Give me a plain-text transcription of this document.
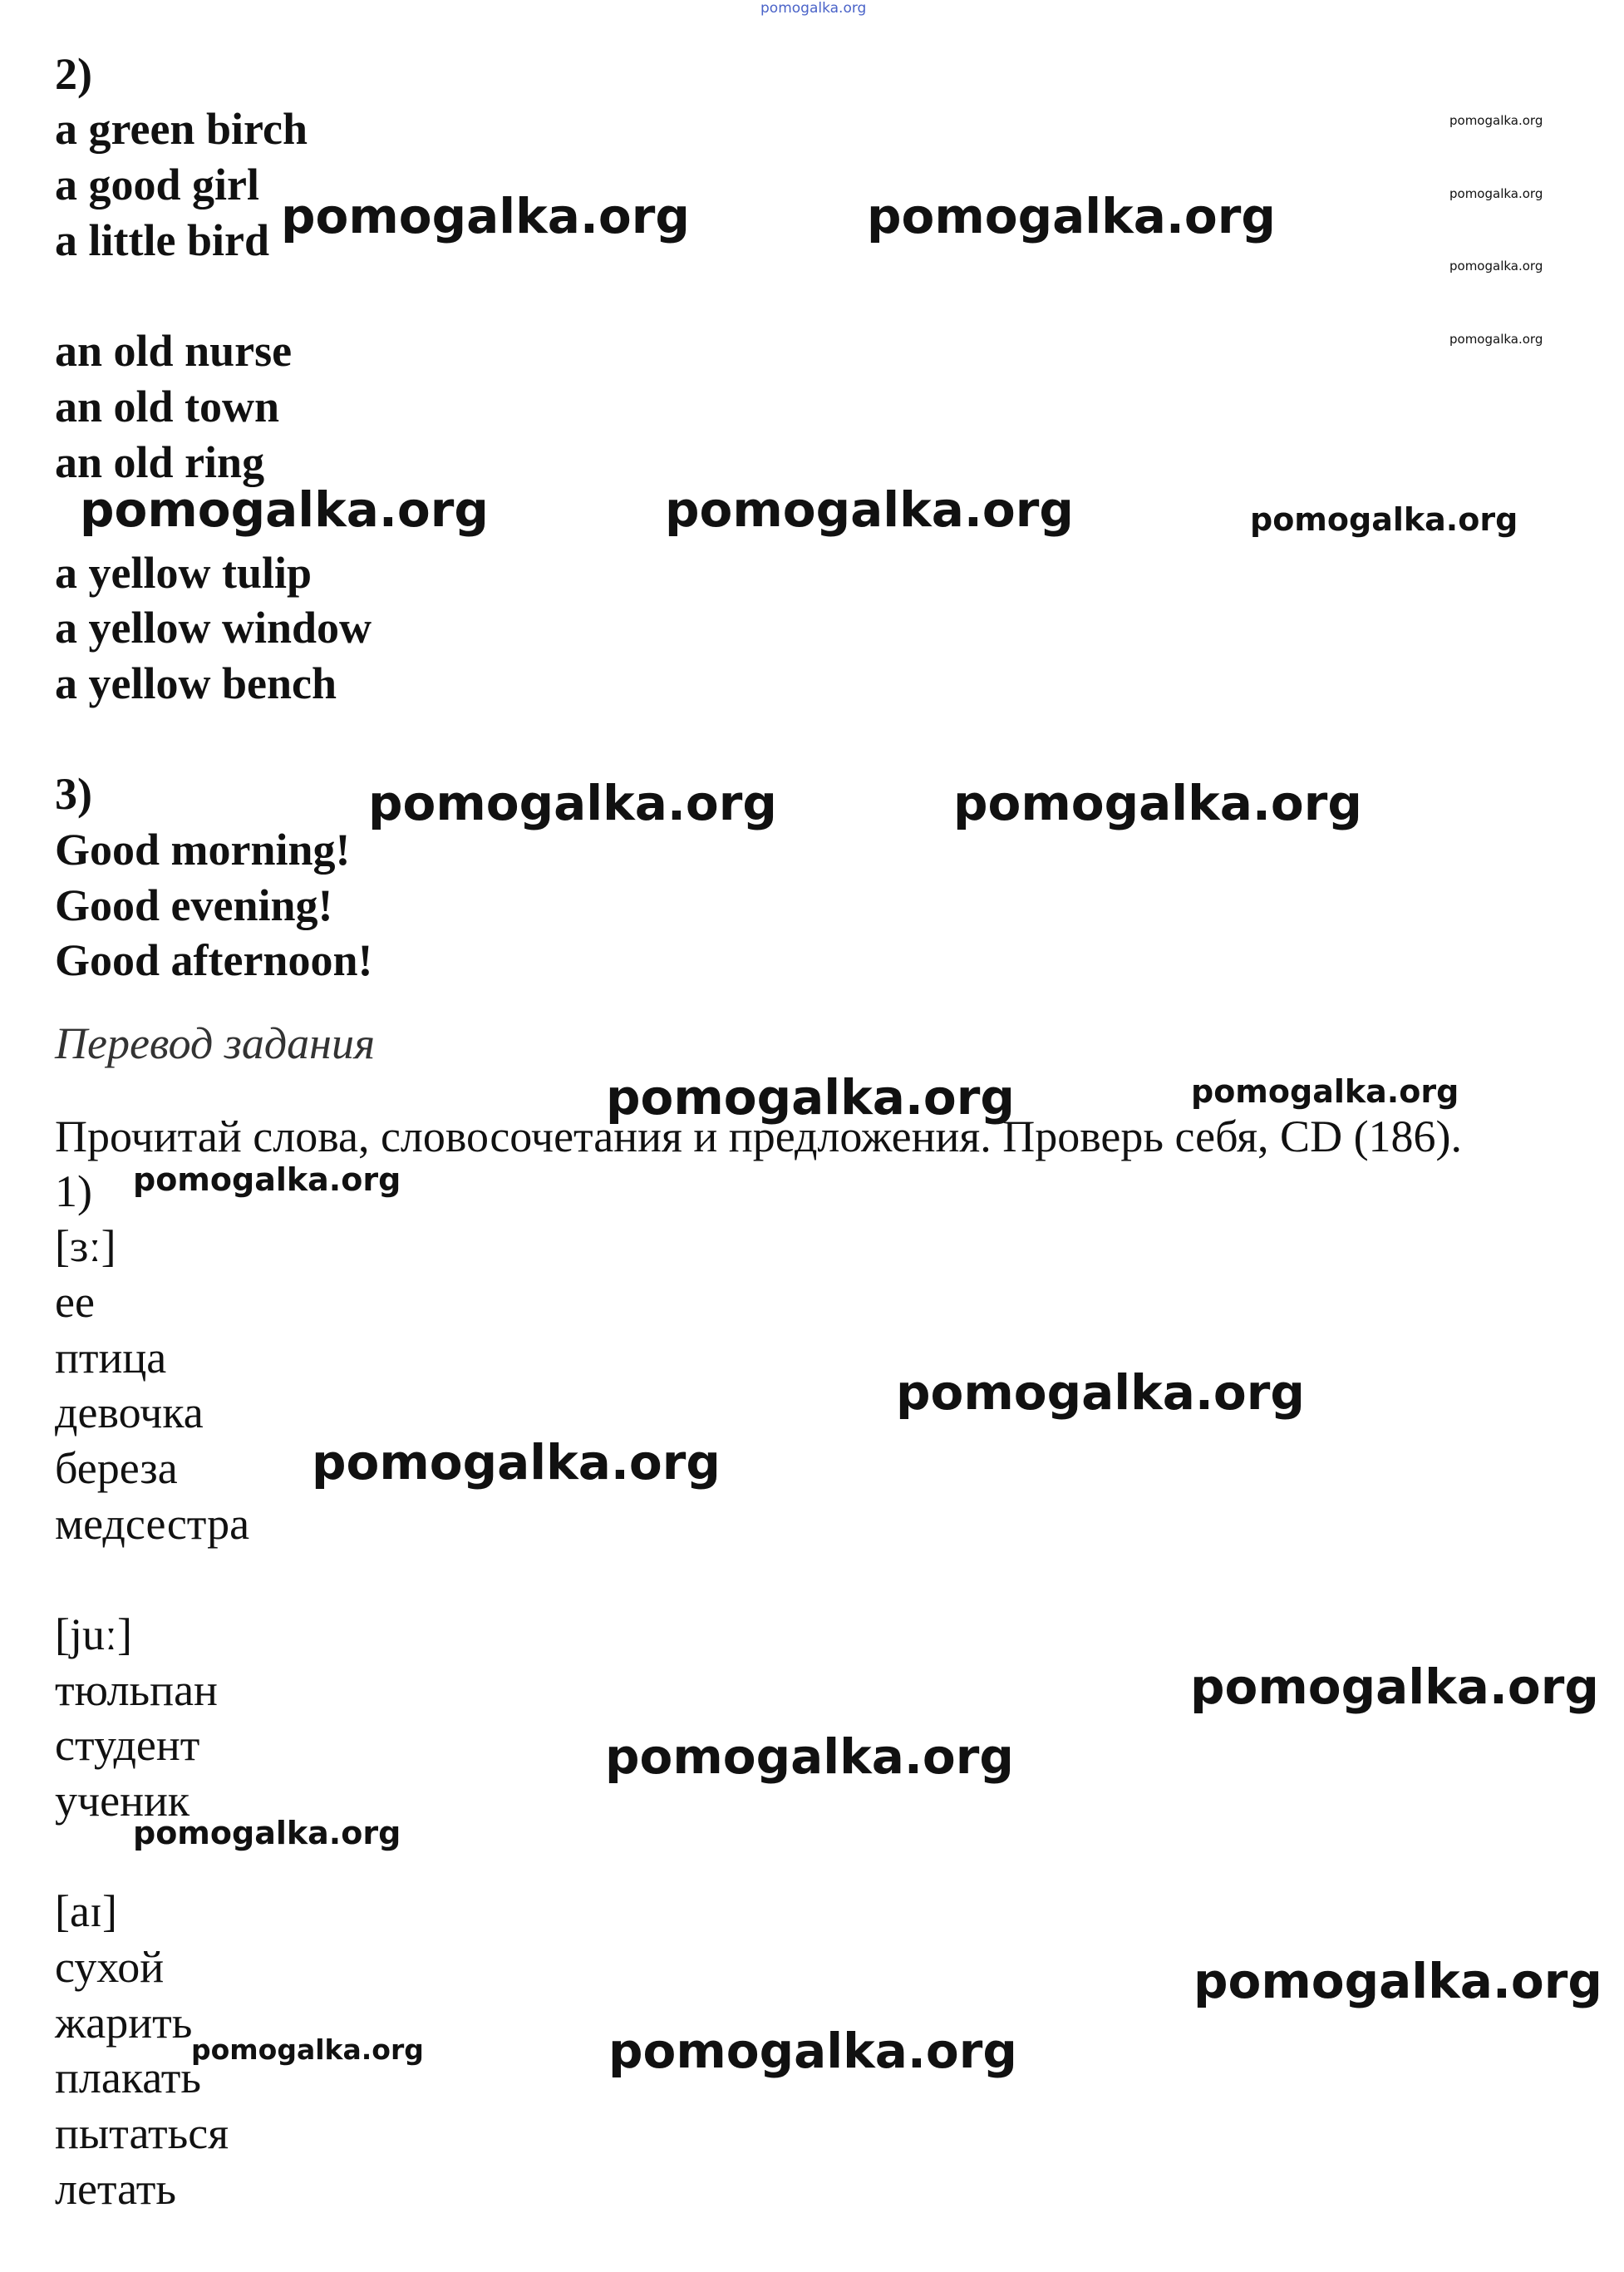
pomogalka.org
2)
a green birch
a good girl
a little bird
an old nurse
an old town
an old ring
a yellow tulip
a yellow window
a yellow bench
3)
Good morning!
Good evening!
Good afternoon!
Перевод задания
Прочитай слова, словосочетания и предложения. Проверь себя, CD (186).
1)
[ɜː]
ее
птица
девочка
береза
медсестра
[juː]
тюльпан
студент
ученик
[aɪ]
сухой
жарить
плакать
пытаться
летать
pomogalka.org	pomogalka.org
pomogalka.org
pomogalka.org
pomogalka.org
pomogalka.org
pomogalka.org	pomogalka.org	pomogalka.org
pomogalka.org	pomogalka.org
pomogalka.org	pomogalka.org
pomogalka.org
pomogalka.org
pomogalka.org
pomogalka.org
pomogalka.org
pomogalka.org
pomogalka.org
pomogalka.org
pomogalka.org
